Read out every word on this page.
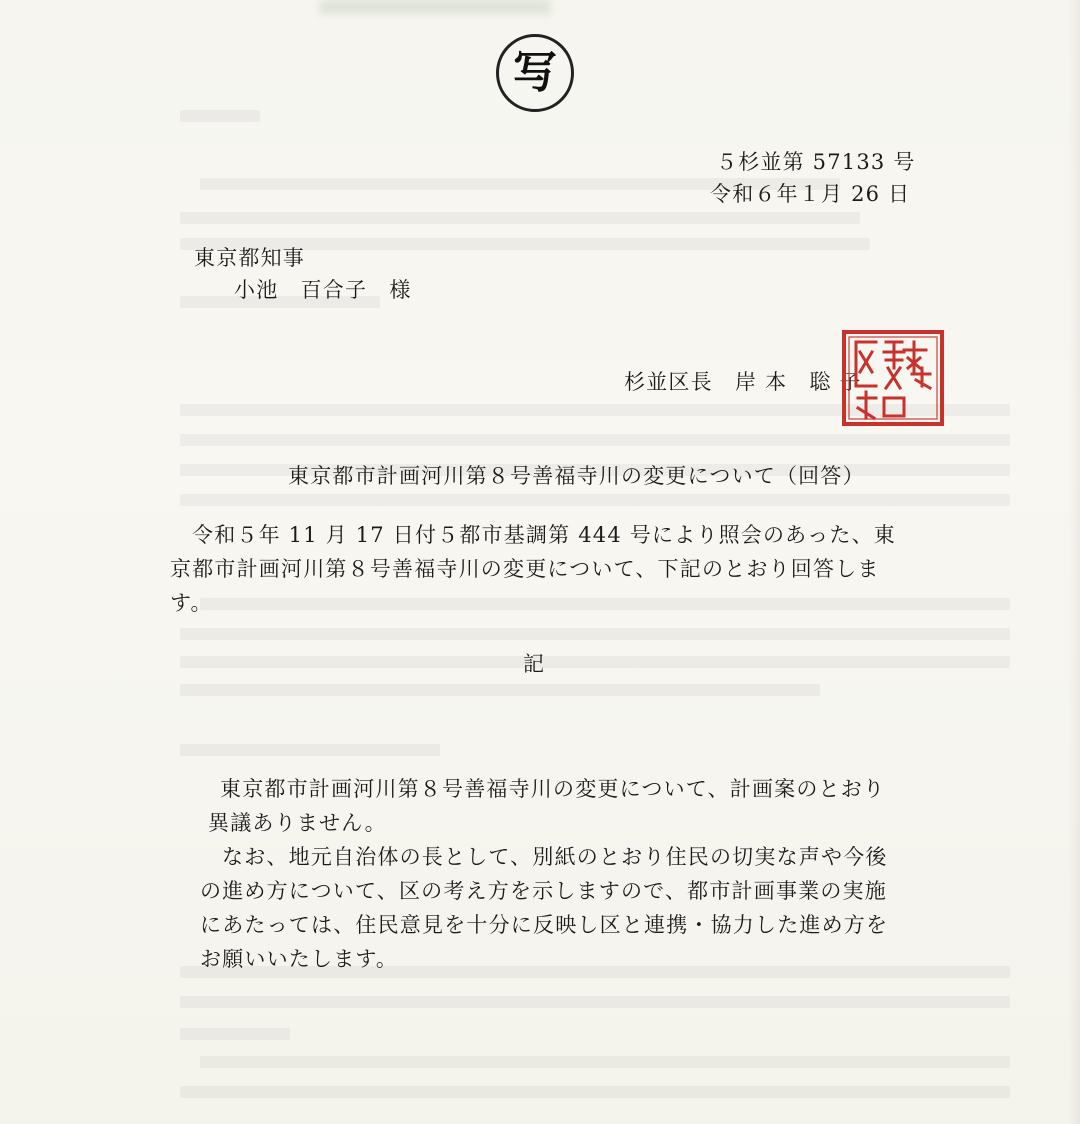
写
５杉並第 57133 号
令和６年１月 26 日
東京都知事
小池　百合子　様
杉並区長　岸 本　聡 子
東京都市計画河川第８号善福寺川の変更について（回答）
令和５年 11 月 17 日付５都市基調第 444 号により照会のあった、東京都市計画河川第８号善福寺川の変更について、下記のとおり回答します。
記
東京都市計画河川第８号善福寺川の変更について、計画案のとおり異議ありません。
なお、地元自治体の長として、別紙のとおり住民の切実な声や今後の進め方について、区の考え方を示しますので、都市計画事業の実施にあたっては、住民意見を十分に反映し区と連携・協力した進め方をお願いいたします。
